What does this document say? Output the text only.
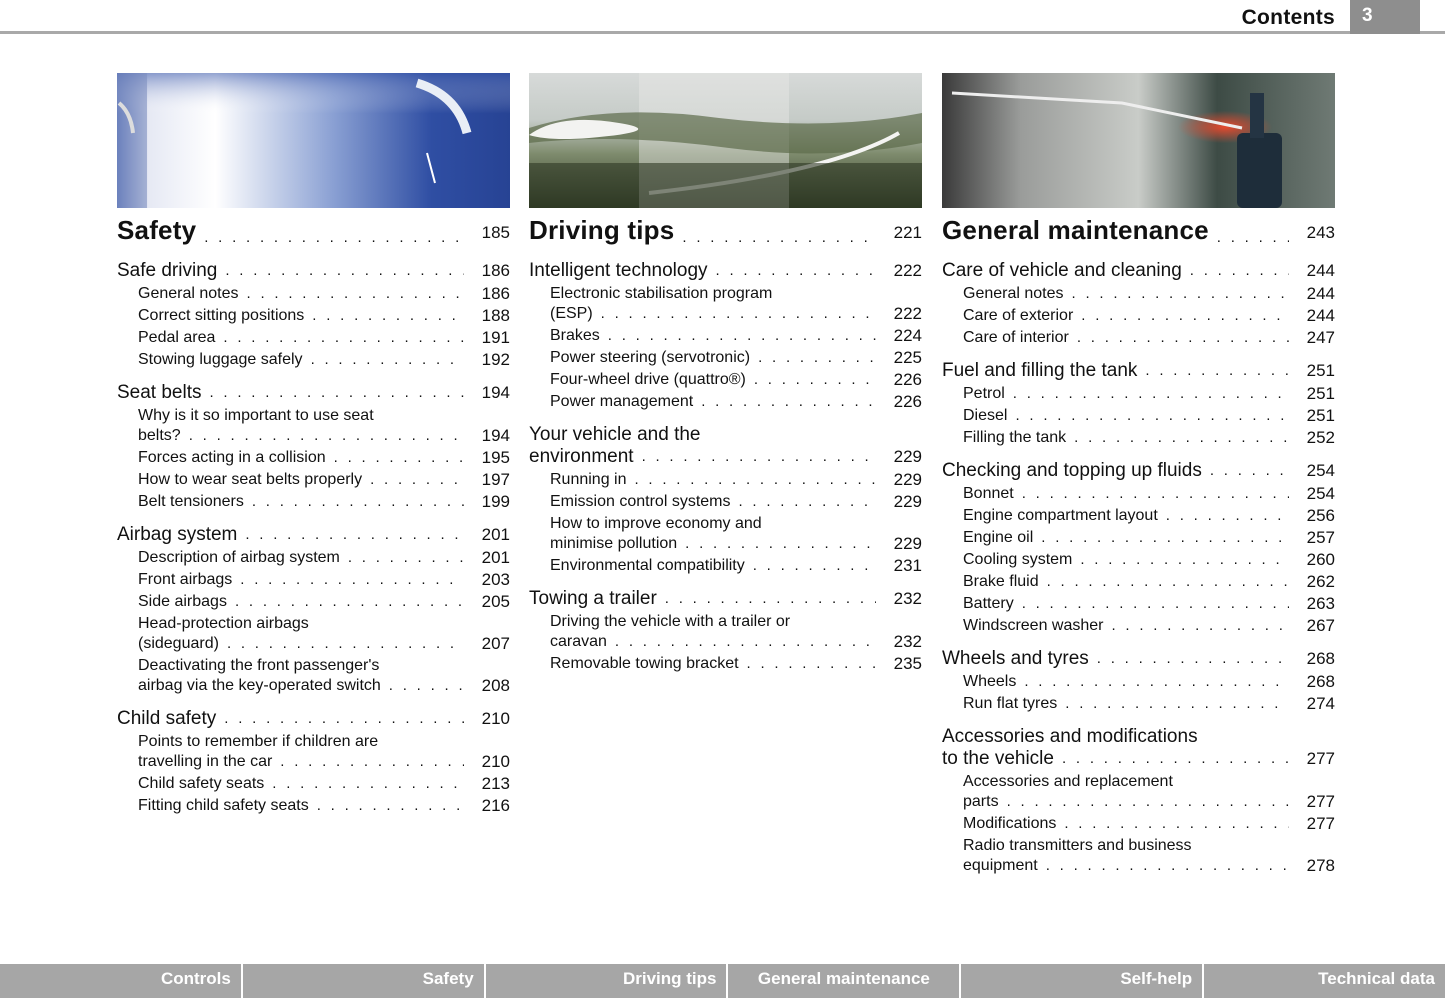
Contents 3
Safety . . .	185
Safe driving . . .	186
General notes . . .	186
Correct sitting positions . . .	188
Pedal area . . .	191
Stowing luggage safely . . .	192
Seat belts . . .	194
Why is it so important to use seat
belts? . . .	194
Forces acting in a collision . . .	195
How to wear seat belts properly . . .	197
Belt tensioners . . .	199
Airbag system . . .	201
Description of airbag system . . .	201
Front airbags . . .	203
Side airbags . . .	205
Head-protection airbags
(sideguard) . . .	207
Deactivating the front passenger's
airbag via the key-operated switch . . .	208
Child safety . . .	210
Points to remember if children are
travelling in the car . . .	210
Child safety seats . . .	213
Fitting child safety seats . . .	216
Driving tips . . .	221
Intelligent technology . . .	222
Electronic stabilisation program
(ESP) . . .	222
Brakes . . .	224
Power steering (servotronic) . . .	225
Four-wheel drive (quattro®) . . .	226
Power management . . .	226
Your vehicle and the
environment . . .	229
Running in . . .	229
Emission control systems . . .	229
How to improve economy and
minimise pollution . . .	229
Environmental compatibility . . .	231
Towing a trailer . . .	232
Driving the vehicle with a trailer or
caravan . . .	232
Removable towing bracket . . .	235
General maintenance . . .	243
Care of vehicle and cleaning . . .	244
General notes . . .	244
Care of exterior . . .	244
Care of interior . . .	247
Fuel and filling the tank . . .	251
Petrol . . .	251
Diesel . . .	251
Filling the tank . . .	252
Checking and topping up fluids . . .	254
Bonnet . . .	254
Engine compartment layout . . .	256
Engine oil . . .	257
Cooling system . . .	260
Brake fluid . . .	262
Battery . . .	263
Windscreen washer . . .	267
Wheels and tyres . . .	268
Wheels . . .	268
Run flat tyres . . .	274
Accessories and modifications
to the vehicle . . .	277
Accessories and replacement
parts . . .	277
Modifications . . .	277
Radio transmitters and business
equipment . . .	278
Controls	Safety	Driving tips	General maintenance	Self-help	Technical data
